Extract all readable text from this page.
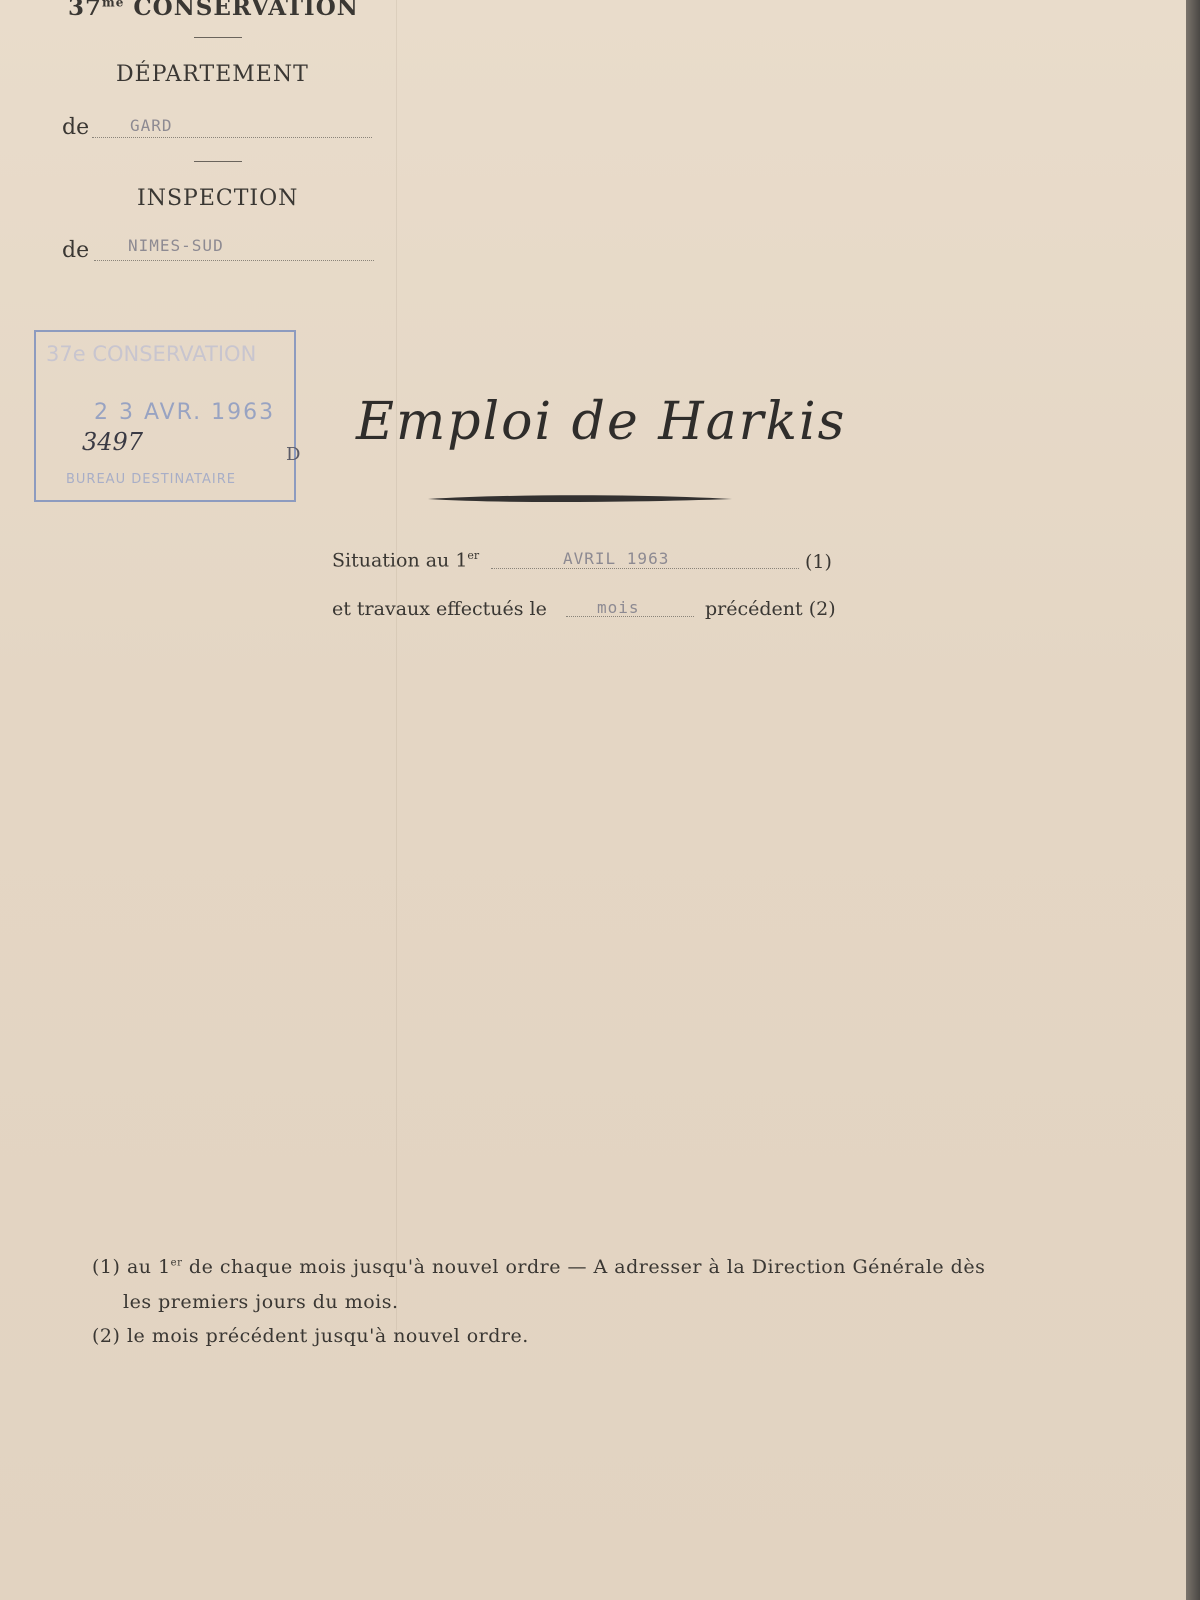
$37^{me}$ CONSERVATION
DÉPARTEMENT
de	GARD
INSPECTION
de NIMES-SUD
37e CONSERVATION
2 3 AVR. 1963
3497
BUREAU DESTINATAIRE
D
Emploi de Harkis
Situation au 1er	AVRIL 1963	(1)
et travaux effectués le	mois	précédent (2)
(1) au 1er de chaque mois jusqu'à nouvel ordre — A adresser à la Direction Générale dès
les premiers jours du mois.
(2) le mois précédent jusqu'à nouvel ordre.
